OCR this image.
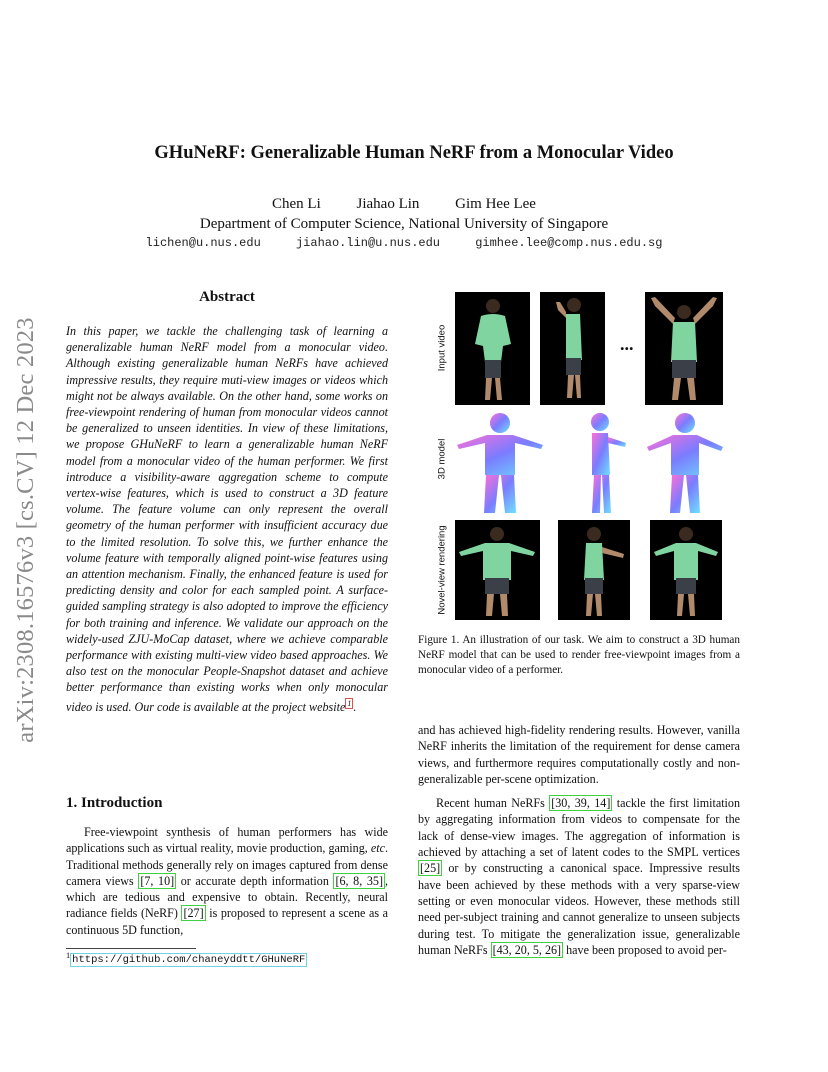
GHuNeRF: Generalizable Human NeRF from a Monocular Video
Chen Li Jiahao Lin Gim Hee Lee
Department of Computer Science, National University of Singapore
lichen@u.nus.edu	jiahao.lin@u.nus.edu	gimhee.lee@comp.nus.edu.sg
arXiv:2308.16576v3 [cs.CV] 12 Dec 2023
Abstract
In this paper, we tackle the challenging task of learning a generalizable human NeRF model from a monocular video. Although existing generalizable human NeRFs have achieved impressive results, they require muti-view images or videos which might not be always available. On the other hand, some works on free-viewpoint rendering of human from monocular videos cannot be generalized to unseen identities. In view of these limitations, we propose GHuNeRF to learn a generalizable human NeRF model from a monocular video of the human performer. We first introduce a visibility-aware aggregation scheme to compute vertex-wise features, which is used to construct a 3D feature volume. The feature volume can only represent the overall geometry of the human performer with insufficient accuracy due to the limited resolution. To solve this, we further enhance the volume feature with temporally aligned point-wise features using an attention mechanism. Finally, the enhanced feature is used for predicting density and color for each sampled point. A surface-guided sampling strategy is also adopted to improve the efficiency for both training and inference. We validate our approach on the widely-used ZJU-MoCap dataset, where we achieve comparable performance with existing multi-view video based approaches. We also test on the monocular People-Snapshot dataset and achieve better performance than existing works when only monocular video is used. Our code is available at the project website $^1$ .
1. Introduction

Free-viewpoint synthesis of human performers has wide applications such as virtual reality, movie production, gaming, etc. Traditional methods generally rely on images captured from dense camera views [7, 10] or accurate depth information [6, 8, 35] , which are tedious and expensive to obtain. Recently, neural radiance fields (NeRF) [27] is proposed to represent a scene as a continuous 5D function,

$^1$ https://github.com/chaneyddtt/GHuNeRF
Input video
3D model
Novel-view rendering
...
Figure 1. An illustration of our task. We aim to construct a 3D human NeRF model that can be used to render free-viewpoint images from a monocular video of a performer.

and has achieved high-fidelity rendering results. However, vanilla NeRF inherits the limitation of the requirement for dense camera views, and furthermore requires computationally costly and non-generalizable per-scene optimization.

Recent human NeRFs [30, 39, 14] tackle the first limitation by aggregating information from videos to compensate for the lack of dense-view images. The aggregation of information is achieved by attaching a set of latent codes to the SMPL vertices [25] or by constructing a canonical space. Impressive results have been achieved by these methods with a very sparse-view setting or even monocular videos. However, these methods still need per-subject training and cannot generalize to unseen subjects during test. To mitigate the generalization issue, generalizable human NeRFs [43, 20, 5, 26] have been proposed to avoid per-
